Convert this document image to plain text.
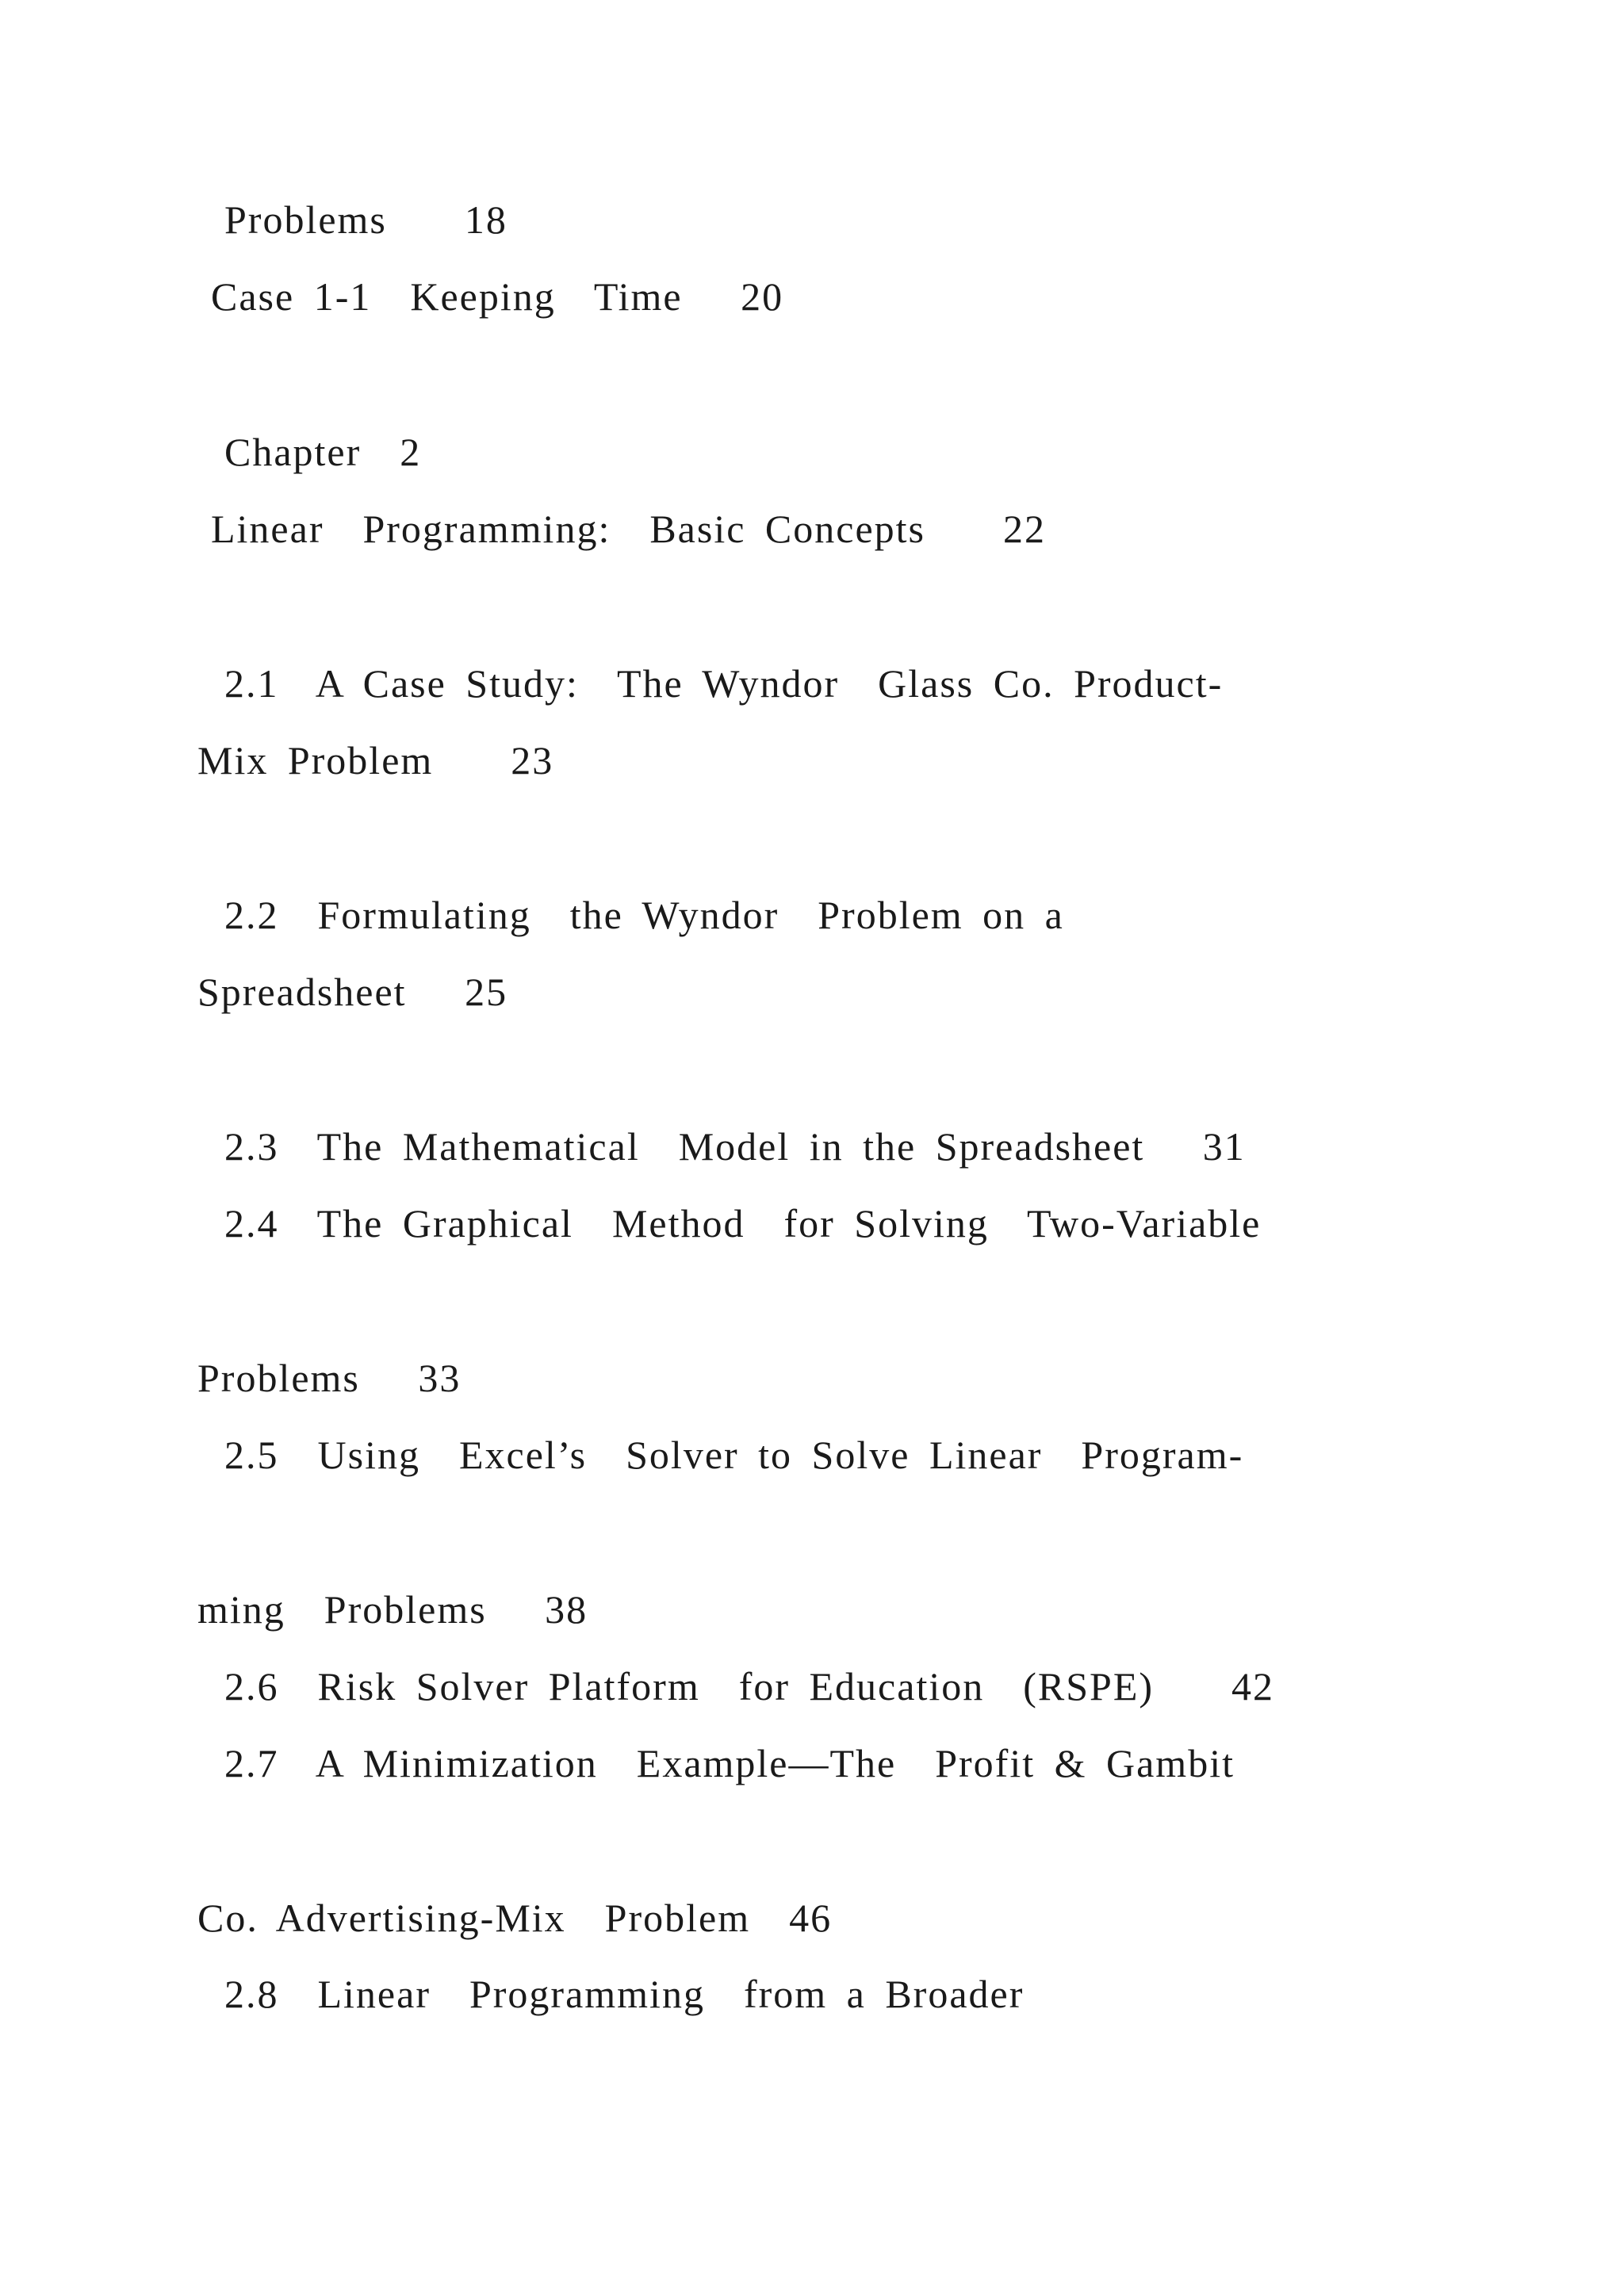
Problems    18
Case 1-1  Keeping  Time   20
Chapter  2
Linear  Programming:  Basic Concepts    22
2.1  A Case Study:  The Wyndor  Glass Co. Product-
Mix Problem    23
2.2  Formulating  the Wyndor  Problem on a
Spreadsheet   25
2.3  The Mathematical  Model in the Spreadsheet   31
2.4  The Graphical  Method  for Solving  Two-Variable
Problems   33
2.5  Using  Excel’s  Solver to Solve Linear  Program-
ming  Problems   38
2.6  Risk Solver Platform  for Education  (RSPE)    42
2.7  A Minimization  Example—The  Profit & Gambit
Co. Advertising-Mix  Problem  46
2.8  Linear  Programming  from a Broader
